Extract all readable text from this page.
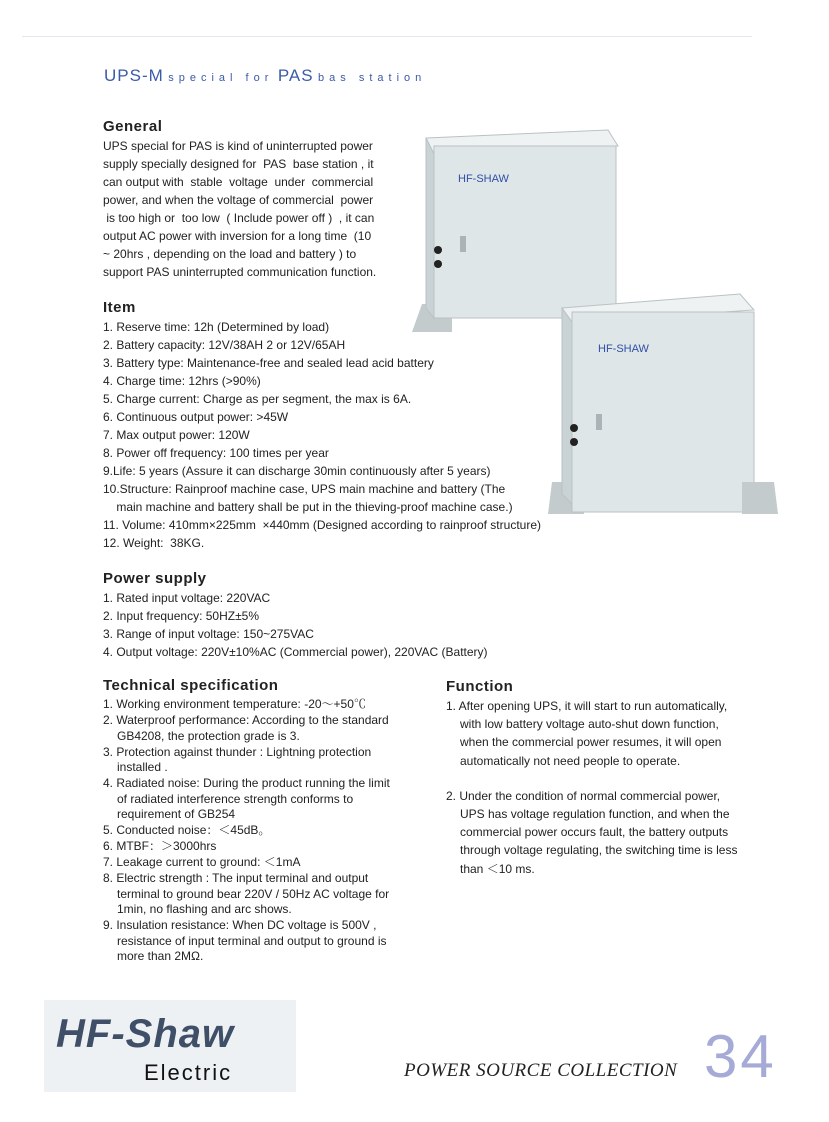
UPS-M special for PAS bas station
General
UPS special for PAS is kind of uninterrupted power
supply specially designed for  PAS  base station , it
can output with  stable  voltage  under  commercial
power, and when the voltage of commercial  power
is too high or  too low  ( Include power off )  , it can
output AC power with inversion for a long time  (10
~ 20hrs , depending on the load and battery ) to
support PAS uninterrupted communication function.
Item
1. Reserve time: 12h (Determined by load)
2. Battery capacity: 12V/38AH 2 or 12V/65AH
3. Battery type: Maintenance-free and sealed lead acid battery
4. Charge time: 12hrs (>90%)
5. Charge current: Charge as per segment, the max is 6A.
6. Continuous output power: >45W
7. Max output power: 120W
8. Power off frequency: 100 times per year
9.Life: 5 years (Assure it can discharge 30min continuously after 5 years)
10.Structure: Rainproof machine case, UPS main machine and battery (The
main machine and battery shall be put in the thieving-proof machine case.)
11. Volume: 410mm×225mm  ×440mm (Designed according to rainproof structure)
12. Weight:  38KG.
Power supply
1. Rated input voltage: 220VAC
2. Input frequency: 50HZ±5%
3. Range of input voltage: 150~275VAC
4. Output voltage: 220V±10%AC (Commercial power), 220VAC (Battery)
Technical specification
1. Working environment temperature: -20～+50℃
2. Waterproof performance: According to the standard GB4208, the protection grade is 3.
3. Protection against thunder : Lightning protection installed .
4. Radiated noise: During the product running the limit of radiated interference strength conforms to requirement of GB254
5. Conducted noise：＜45dB。
6. MTBF：＞3000hrs
7. Leakage current to ground: ＜1mA
8. Electric strength : The input terminal and output terminal to ground bear 220V / 50Hz AC voltage for 1min, no flashing and arc shows.
9. Insulation resistance: When DC voltage is 500V , resistance of input terminal and output to ground is more than 2MΩ.
Function
1. After opening UPS, it will start to run automatically, with low battery voltage auto-shut down function, when the commercial power resumes, it will open automatically not need people to operate.
2. Under the condition of normal commercial power, UPS has voltage regulation function, and when the commercial power occurs fault, the battery outputs through voltage regulating, the switching time is less than ＜10 ms.
HF-SHAW
HF-SHAW
HF-Shaw
Electric	POWER SOURCE COLLECTION 34
